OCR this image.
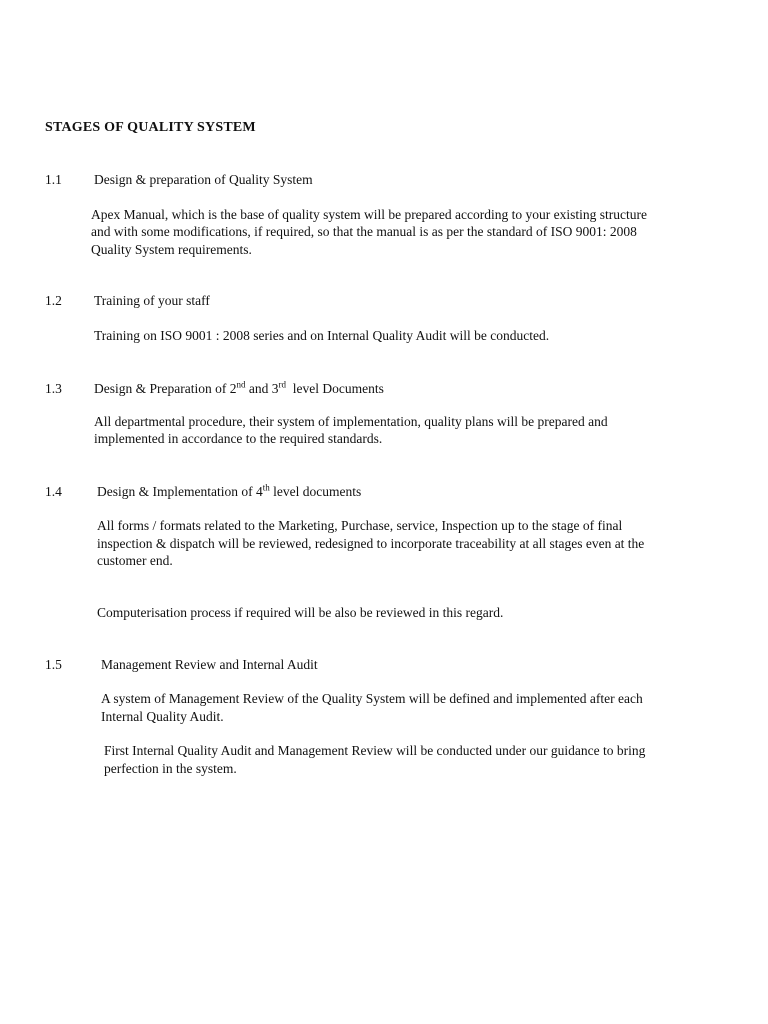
STAGES OF QUALITY SYSTEM
1.1 Design & preparation of Quality System
Apex Manual, which is the base of quality system will be prepared according to your existing structure
and with some modifications, if required, so that the manual is as per the standard of ISO 9001: 2008
Quality System requirements.
1.2 Training of your staff
Training on ISO 9001 : 2008 series and on Internal Quality Audit will be conducted.
1.3 Design & Preparation of 2nd and 3rd  level Documents
All departmental procedure, their system of implementation, quality plans will be prepared and
implemented in accordance to the required standards.
1.4	Design & Implementation of 4th level documents
All forms / formats related to the Marketing, Purchase, service, Inspection up to the stage of final
inspection & dispatch will be reviewed, redesigned to incorporate traceability at all stages even at the
customer end.
Computerisation process if required will be also be reviewed in this regard.
1.5	Management Review and Internal Audit
A system of Management Review of the Quality System will be defined and implemented after each
Internal Quality Audit.
First Internal Quality Audit and Management Review will be conducted under our guidance to bring
perfection in the system.
